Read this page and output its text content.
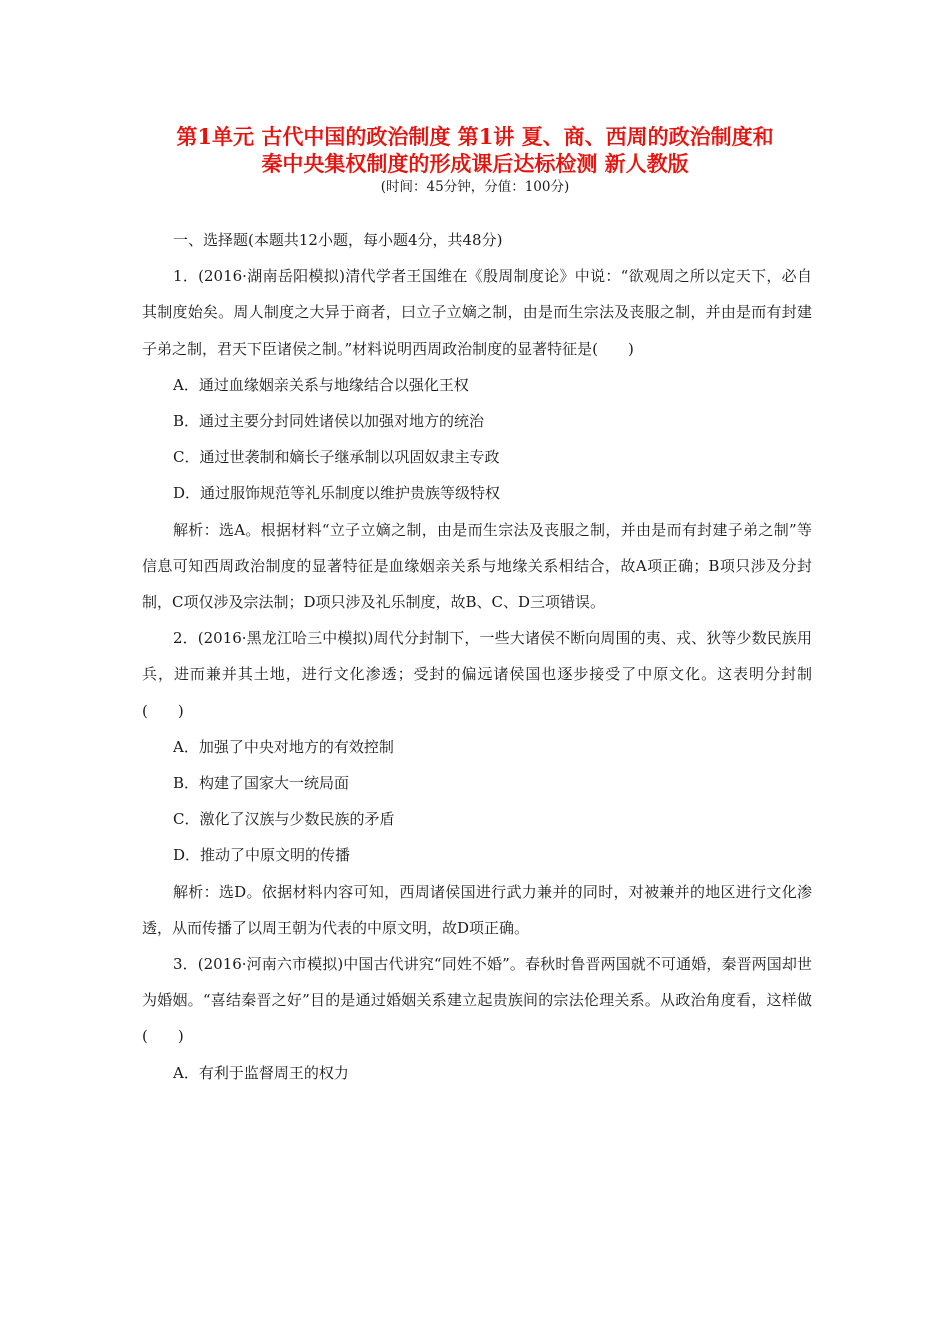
第1单元 古代中国的政治制度 第1讲 夏、商、西周的政治制度和
秦中央集权制度的形成课后达标检测 新人教版
(时间：45分钟，分值：100分)

一、选择题(本题共12小题，每小题4分，共48分)

1．(2016·湖南岳阳模拟)清代学者王国维在《殷周制度论》中说：“欲观周之所以定天下，必自其制度始矣。周人制度之大异于商者，曰立子立嫡之制，由是而生宗法及丧服之制，并由是而有封建子弟之制，君天下臣诸侯之制。”材料说明西周政治制度的显著特征是(　　)

A．通过血缘姻亲关系与地缘结合以强化王权

B．通过主要分封同姓诸侯以加强对地方的统治

C．通过世袭制和嫡长子继承制以巩固奴隶主专政

D．通过服饰规范等礼乐制度以维护贵族等级特权

解析：选A。根据材料“立子立嫡之制，由是而生宗法及丧服之制，并由是而有封建子弟之制”等信息可知西周政治制度的显著特征是血缘姻亲关系与地缘关系相结合，故A项正确；B项只涉及分封制，C项仅涉及宗法制；D项只涉及礼乐制度，故B、C、D三项错误。

2．(2016·黑龙江哈三中模拟)周代分封制下，一些大诸侯不断向周围的夷、戎、狄等少数民族用兵，进而兼并其土地，进行文化渗透；受封的偏远诸侯国也逐步接受了中原文化。这表明分封制(　　)

A．加强了中央对地方的有效控制

B．构建了国家大一统局面

C．激化了汉族与少数民族的矛盾

D．推动了中原文明的传播

解析：选D。依据材料内容可知，西周诸侯国进行武力兼并的同时，对被兼并的地区进行文化渗透，从而传播了以周王朝为代表的中原文明，故D项正确。

3．(2016·河南六市模拟)中国古代讲究“同姓不婚”。春秋时鲁晋两国就不可通婚，秦晋两国却世为婚姻。“喜结秦晋之好”目的是通过婚姻关系建立起贵族间的宗法伦理关系。从政治角度看，这样做(　　)

A．有利于监督周王的权力
